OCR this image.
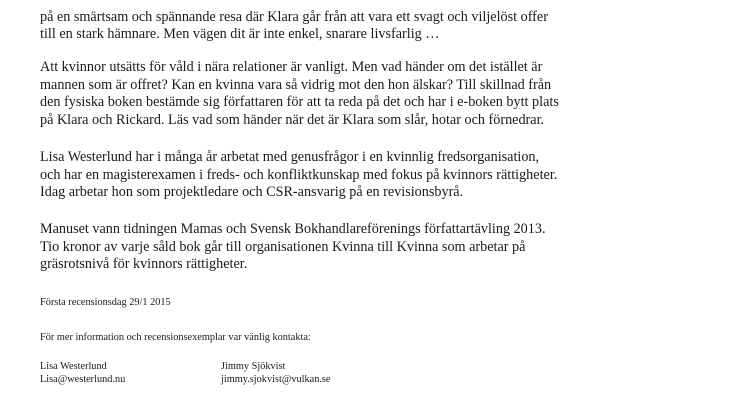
på en smärtsam och spännande resa där Klara går från att vara ett svagt och viljelöst offer
till en stark hämnare. Men vägen dit är inte enkel, snarare livsfarlig …

Att kvinnor utsätts för våld i nära relationer är vanligt. Men vad händer om det istället är
mannen som är offret? Kan en kvinna vara så vidrig mot den hon älskar? Till skillnad från
den fysiska boken bestämde sig författaren för att ta reda på det och har i e-boken bytt plats
på Klara och Rickard. Läs vad som händer när det är Klara som slår, hotar och förnedrar.

Lisa Westerlund har i många år arbetat med genusfrågor i en kvinnlig fredsorganisation,
och har en magisterexamen i freds- och konfliktkunskap med fokus på kvinnors rättigheter.
Idag arbetar hon som projektledare och CSR-ansvarig på en revisionsbyrå.

Manuset vann tidningen Mamas och Svensk Bokhandlareförenings författartävling 2013.
Tio kronor av varje såld bok går till organisationen Kvinna till Kvinna som arbetar på
gräsrotsnivå för kvinnors rättigheter.

Första recensionsdag 29/1 2015
För mer information och recensionsexemplar var vänlig kontakta:
Lisa Westerlund
Lisa@westerlund.nu
Jimmy Sjökvist
jimmy.sjokvist@vulkan.se
